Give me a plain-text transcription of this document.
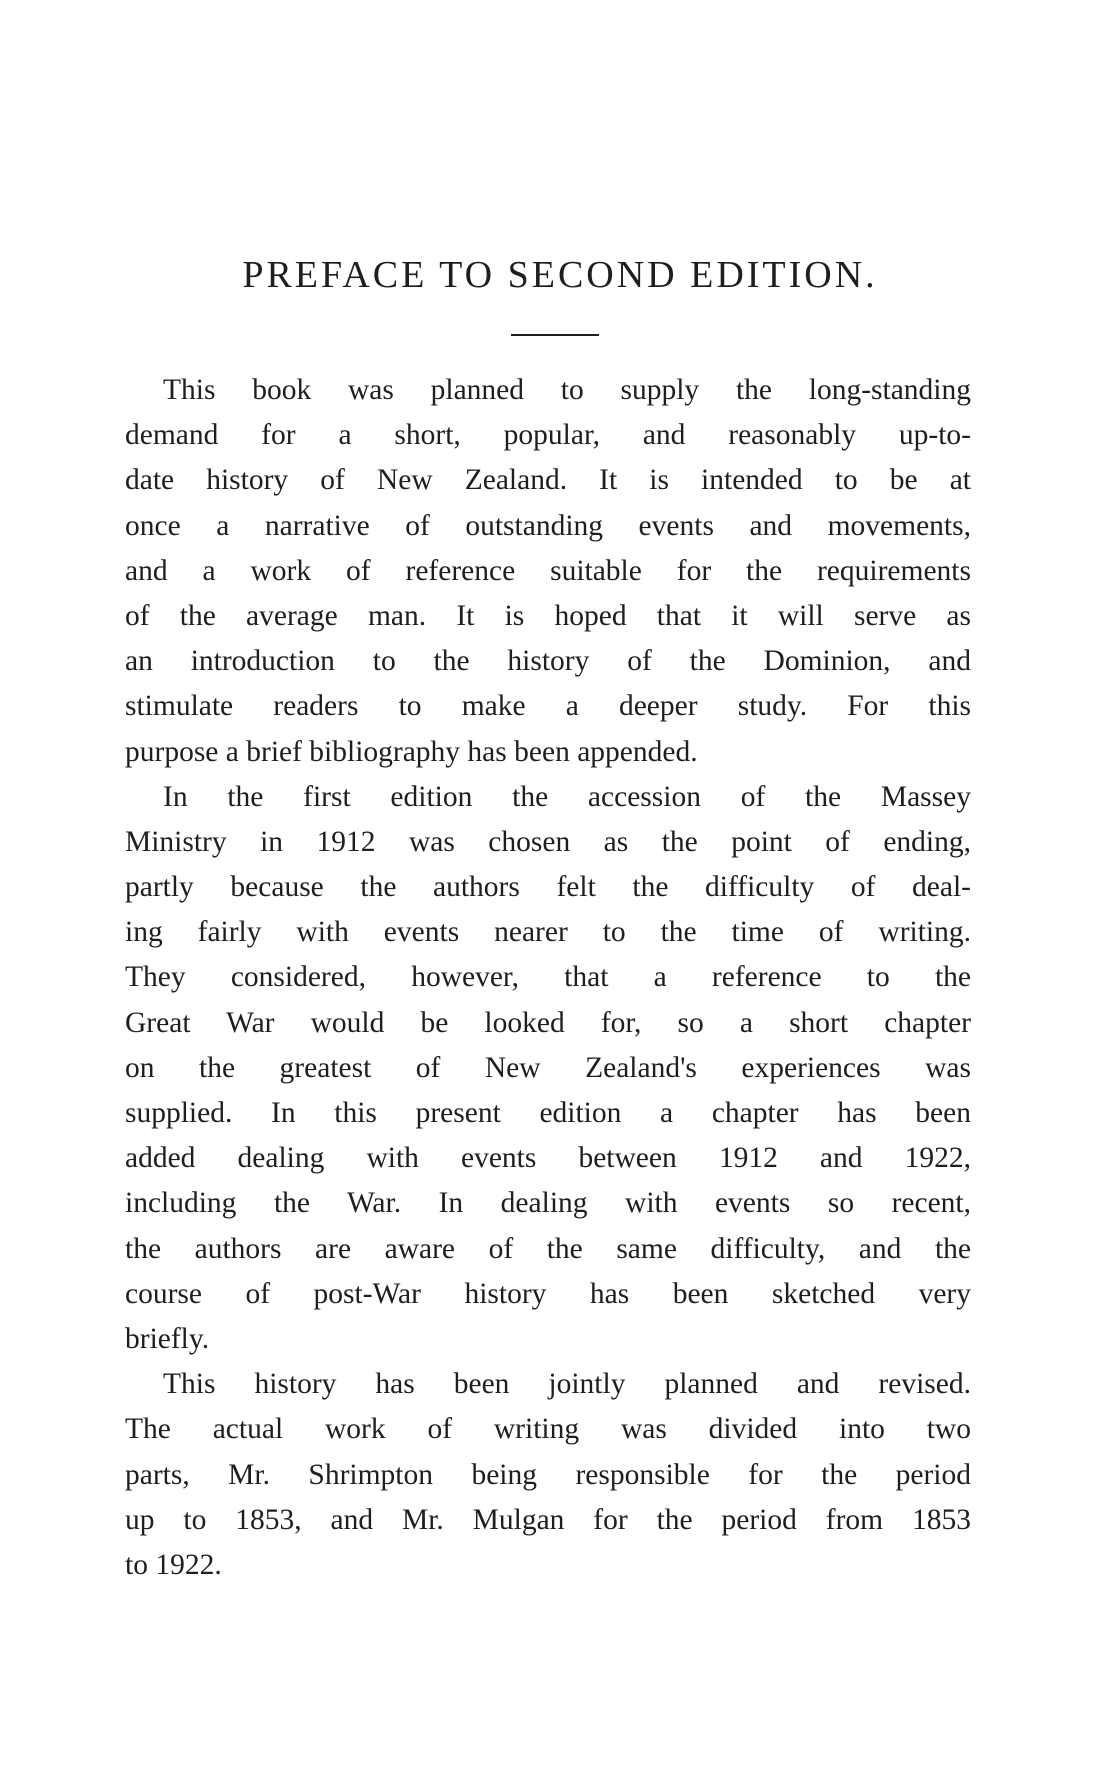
PREFACE TO SECOND EDITION.
This book was planned to supply the long-standing
demand for a short, popular, and reasonably up-to-
date history of New Zealand. It is intended to be at
once a narrative of outstanding events and movements,
and a work of reference suitable for the requirements
of the average man. It is hoped that it will serve as
an introduction to the history of the Dominion, and
stimulate readers to make a deeper study. For this
purpose a brief bibliography has been appended.
In the first edition the accession of the Massey
Ministry in 1912 was chosen as the point of ending,
partly because the authors felt the difficulty of deal-
ing fairly with events nearer to the time of writing.
They considered, however, that a reference to the
Great War would be looked for, so a short chapter
on the greatest of New Zealand's experiences was
supplied. In this present edition a chapter has been
added dealing with events between 1912 and 1922,
including the War. In dealing with events so recent,
the authors are aware of the same difficulty, and the
course of post-War history has been sketched very
briefly.
This history has been jointly planned and revised.
The actual work of writing was divided into two
parts, Mr. Shrimpton being responsible for the period
up to 1853, and Mr. Mulgan for the period from 1853
to 1922.
